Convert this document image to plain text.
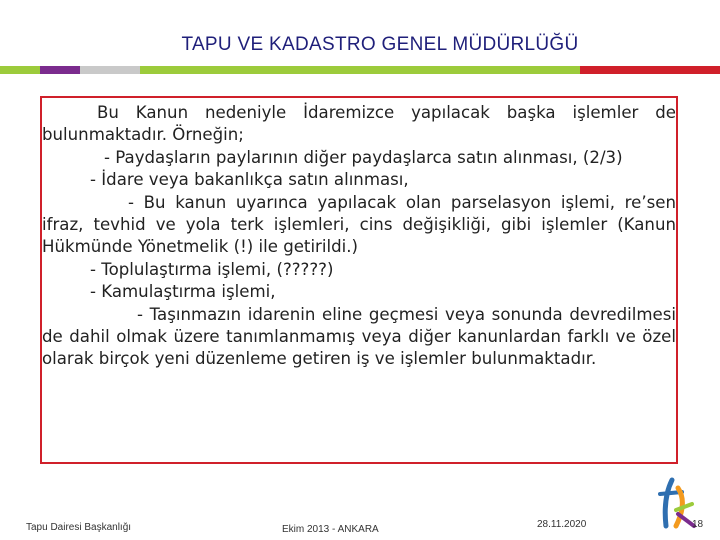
TAPU VE KADASTRO GENEL MÜDÜRLÜĞÜ

Bu Kanun nedeniyle İdaremizce yapılacak başka işlemler de bulunmaktadır. Örneğin;

- Paydaşların paylarının diğer paydaşlarca satın alınması, (2/3)

- İdare veya bakanlıkça satın alınması,

- Bu kanun uyarınca yapılacak olan parselasyon işlemi, re’sen ifraz, tevhid ve yola terk işlemleri, cins değişikliği, gibi işlemler (Kanun Hükmünde Yönetmelik (!) ile getirildi.)

- Toplulaştırma işlemi, (?????)

- Kamulaştırma işlemi,

- Taşınmazın idarenin eline geçmesi veya sonunda devredilmesi de dahil olmak üzere tanımlanmamış veya diğer kanunlardan farklı ve özel olarak birçok yeni düzenleme getiren iş ve işlemler bulunmaktadır.

Tapu Dairesi Başkanlığı	Ekim 2013 - ANKARA	28.11.2020	18
